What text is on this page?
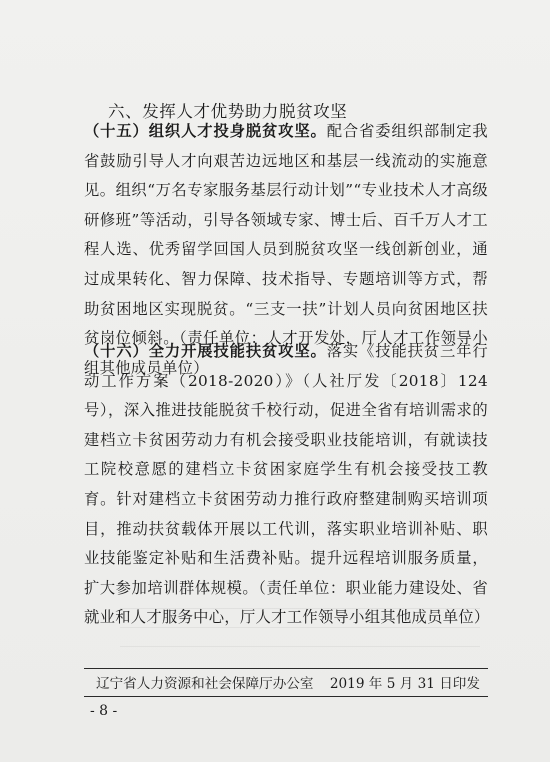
六、发挥人才优势助力脱贫攻坚

（十五）组织人才投身脱贫攻坚。配合省委组织部制定我省鼓励引导人才向艰苦边远地区和基层一线流动的实施意见。组织“万名专家服务基层行动计划”“专业技术人才高级研修班”等活动，引导各领域专家、博士后、百千万人才工程人选、优秀留学回国人员到脱贫攻坚一线创新创业，通过成果转化、智力保障、技术指导、专题培训等方式，帮助贫困地区实现脱贫。“三支一扶”计划人员向贫困地区扶贫岗位倾斜。（责任单位：人才开发处，厅人才工作领导小组其他成员单位）

（十六）全力开展技能扶贫攻坚。落实《技能扶贫三年行动工作方案（2018-2020）》（人社厅发〔2018〕124号），深入推进技能脱贫千校行动，促进全省有培训需求的建档立卡贫困劳动力有机会接受职业技能培训，有就读技工院校意愿的建档立卡贫困家庭学生有机会接受技工教育。针对建档立卡贫困劳动力推行政府整建制购买培训项目，推动扶贫载体开展以工代训，落实职业培训补贴、职业技能鉴定补贴和生活费补贴。提升远程培训服务质量，扩大参加培训群体规模。（责任单位：职业能力建设处、省就业和人才服务中心，厅人才工作领导小组其他成员单位）

辽宁省人力资源和社会保障厅办公室 2019 年 5 月 31 日印发
- 8 -
